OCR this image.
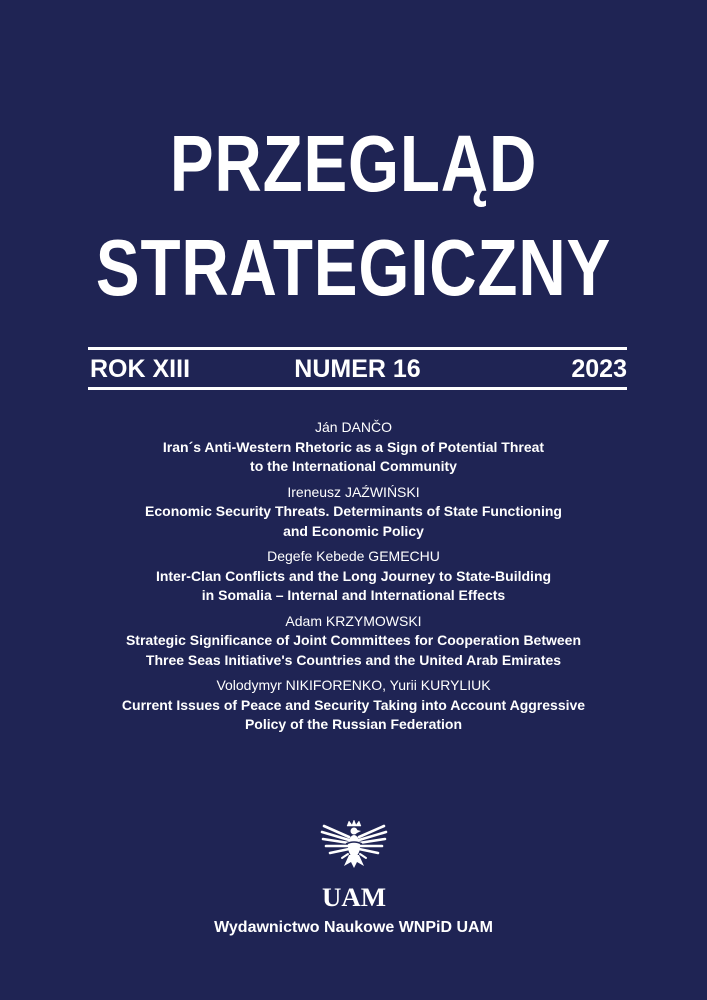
PRZEGLĄD
STRATEGICZNY
ROK XIII	NUMER 16	2023
Ján DANČO
Iran´s Anti-Western Rhetoric as a Sign of Potential Threat
to the International Community
Ireneusz JAŹWIŃSKI
Economic Security Threats. Determinants of State Functioning
and Economic Policy
Degefe Kebede GEMECHU
Inter-Clan Conflicts and the Long Journey to State-Building
in Somalia – Internal and International Effects
Adam KRZYMOWSKI
Strategic Significance of Joint Committees for Cooperation Between
Three Seas Initiative's Countries and the United Arab Emirates
Volodymyr NIKIFORENKO, Yurii KURYLIUK
Current Issues of Peace and Security Taking into Account Aggressive
Policy of the Russian Federation
UAM
Wydawnictwo Naukowe WNPiD UAM
